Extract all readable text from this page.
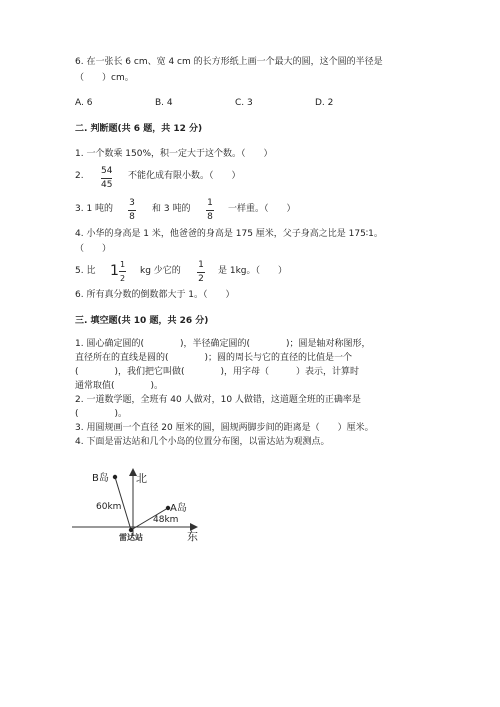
6. 在一张长 6 cm、宽 4 cm 的长方形纸上画一个最大的圆，这个圆的半径是
（　　）cm。
A. 6	B. 4	C. 3	D. 2
二. 判断题(共 6 题，共 12 分)
1. 一个数乘 150%，积一定大于这个数。（　　）
2. 54
45
不能化成有限小数。（　　）
3. 1 吨的
3
8
和 3 吨的
1
8
一样重。（　　）
4. 小华的身高是 1 米，他爸爸的身高是 175 厘米，父子身高之比是 175∶1。
（　　）
5. 比 1 1
2
kg 少它的
1
2
是 1kg。（　　）
6. 所有真分数的倒数都大于 1。（　　）
三. 填空题(共 10 题，共 26 分)
1. 圆心确定圆的(　　　　)，半径确定圆的(　　　　)；圆是轴对称图形，
直径所在的直线是圆的(　　　　)；圆的周长与它的直径的比值是一个
(　　　　)，我们把它叫做(　　　　)，用字母（　　　）表示，计算时
通常取值(　　　　)。
2. 一道数学题，全班有 40 人做对，10 人做错，这道题全班的正确率是
(　　　　)。
3. 用圆规画一个直径 20 厘米的圆，圆规两脚步间的距离是（　　）厘米。
4. 下面是雷达站和几个小岛的位置分布图，以雷达站为观测点。
北
东
B岛
A岛
60km
48km
雷达站
